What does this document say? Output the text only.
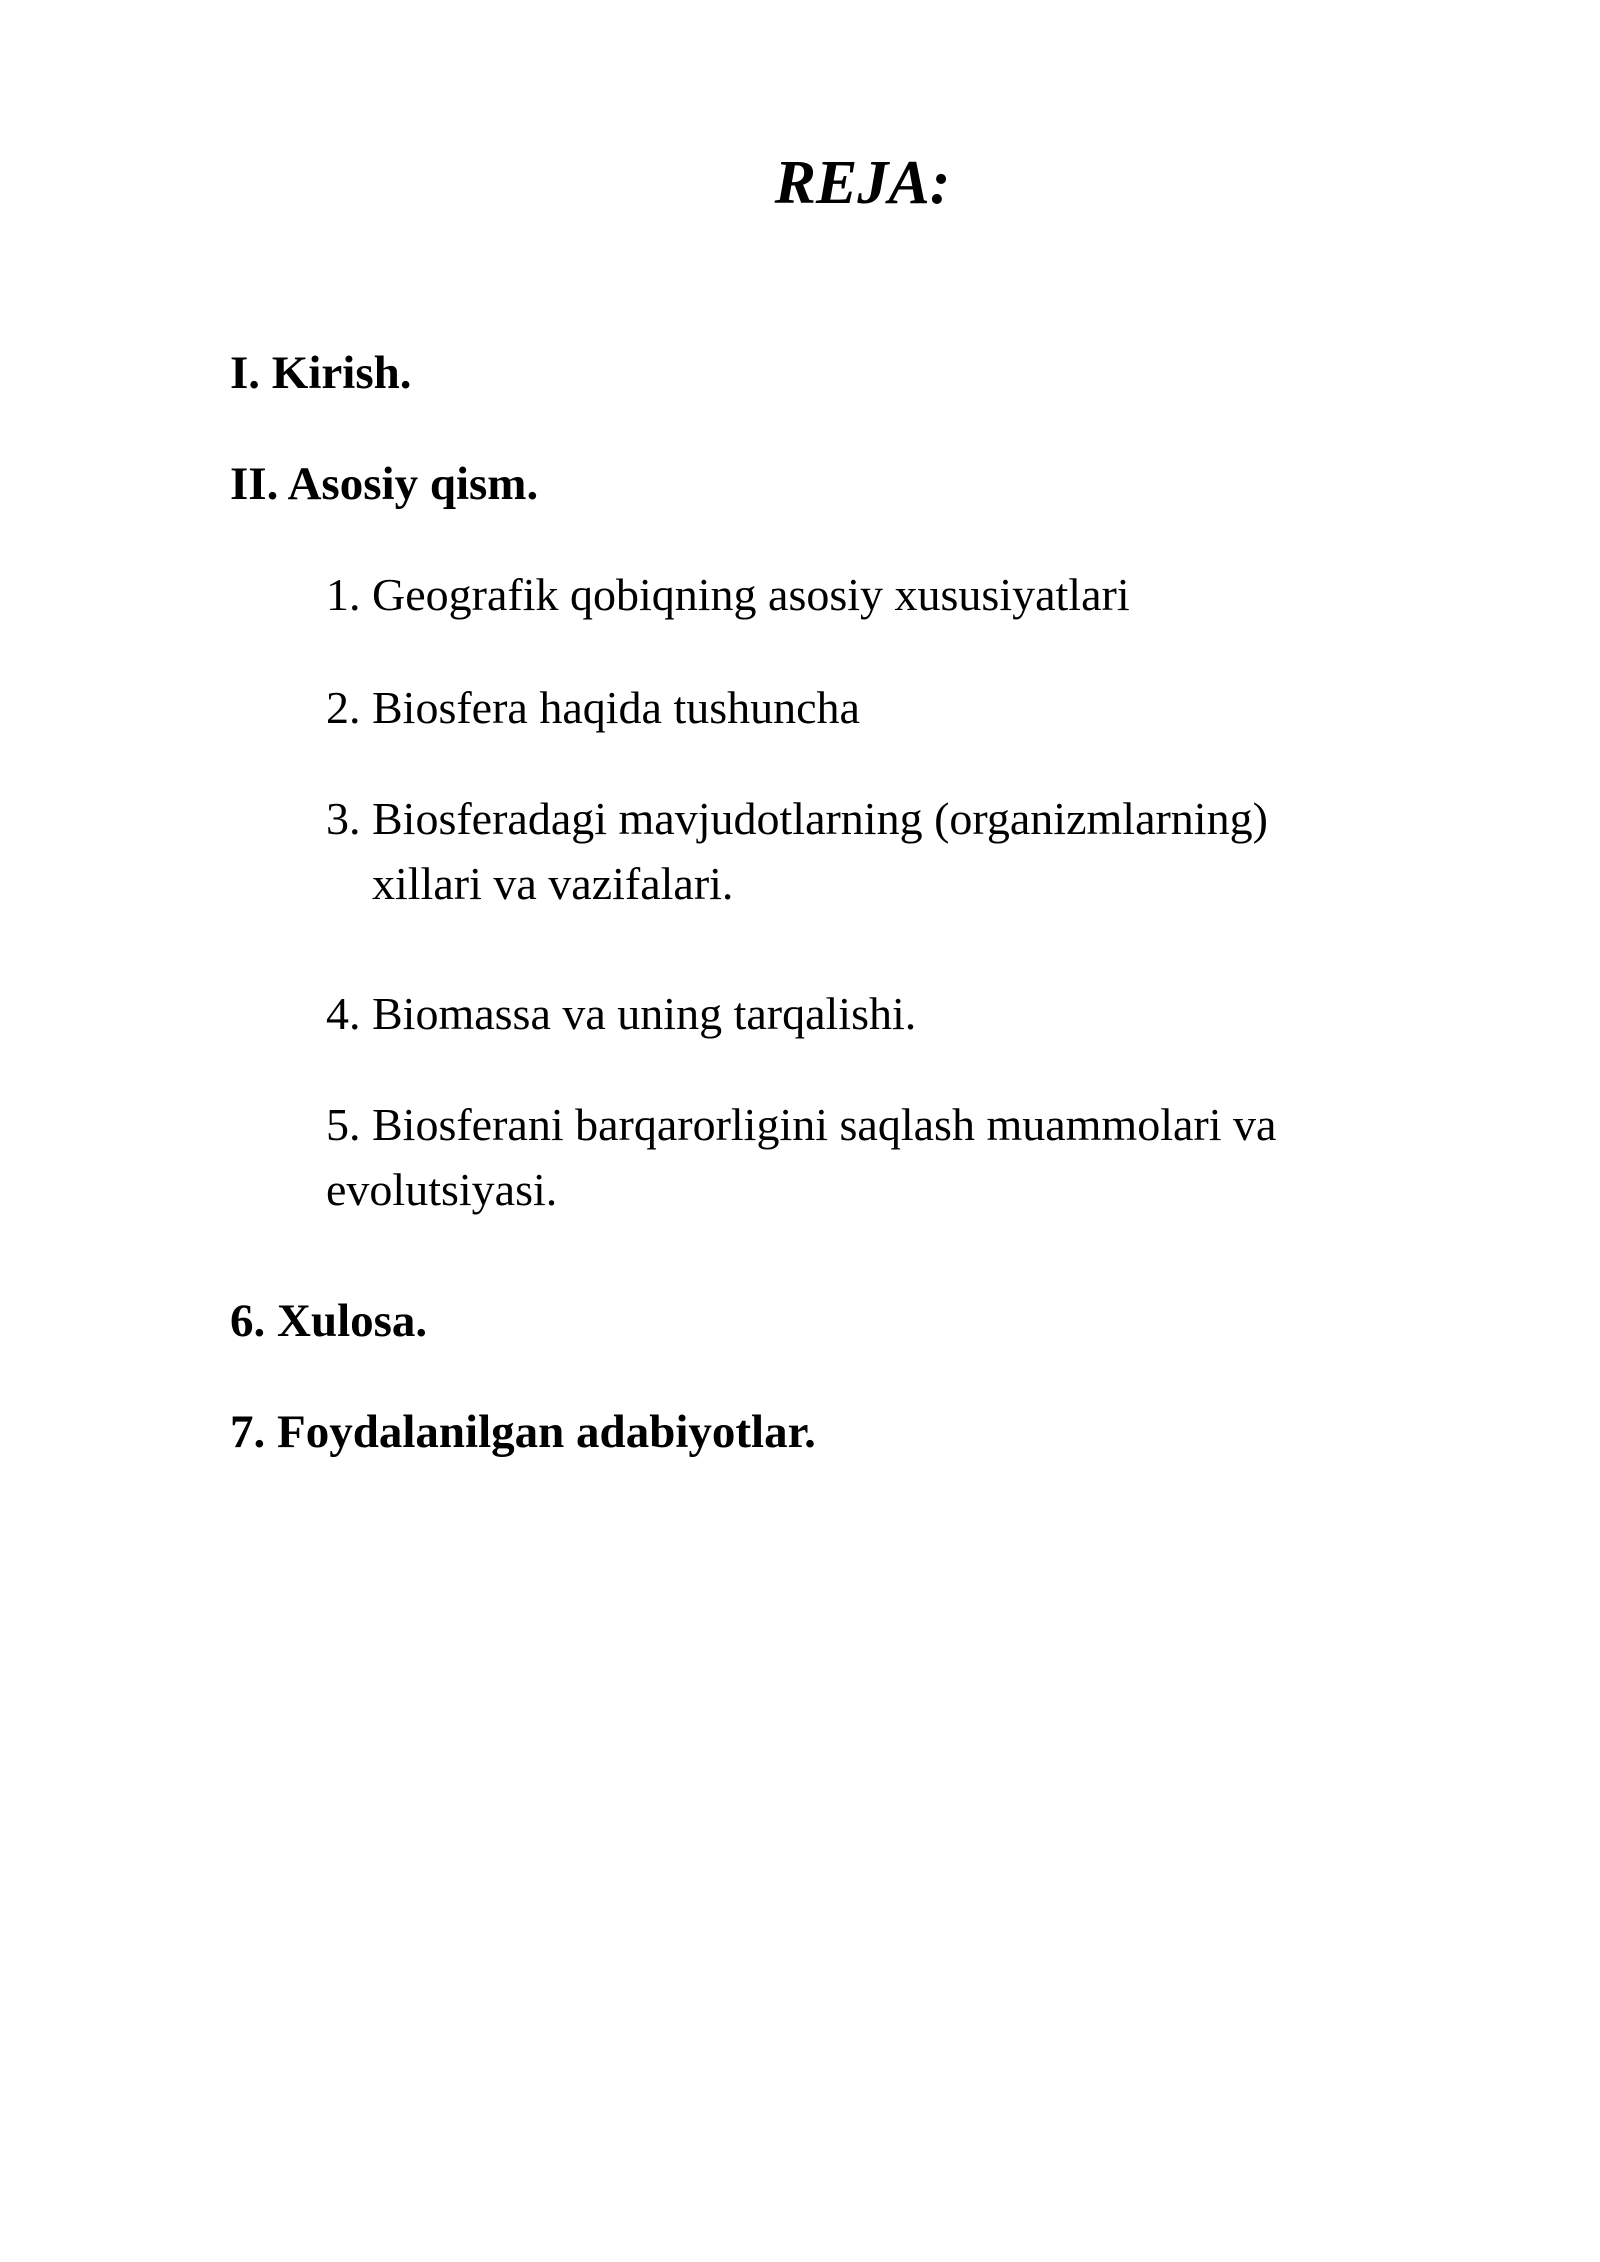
REJA:
I. Kirish.
II. Asosiy qism.
1. Geografik qobiqning asosiy xususiyatlari
2. Biosfera haqida tushuncha
3. Biosferadagi mavjudotlarning (organizmlarning)
xillari va vazifalari.
4. Biomassa va uning tarqalishi.
5. Biosferani barqarorligini saqlash muammolari va
evolutsiyasi.
6. Xulosa.
7. Foydalanilgan adabiyotlar.
